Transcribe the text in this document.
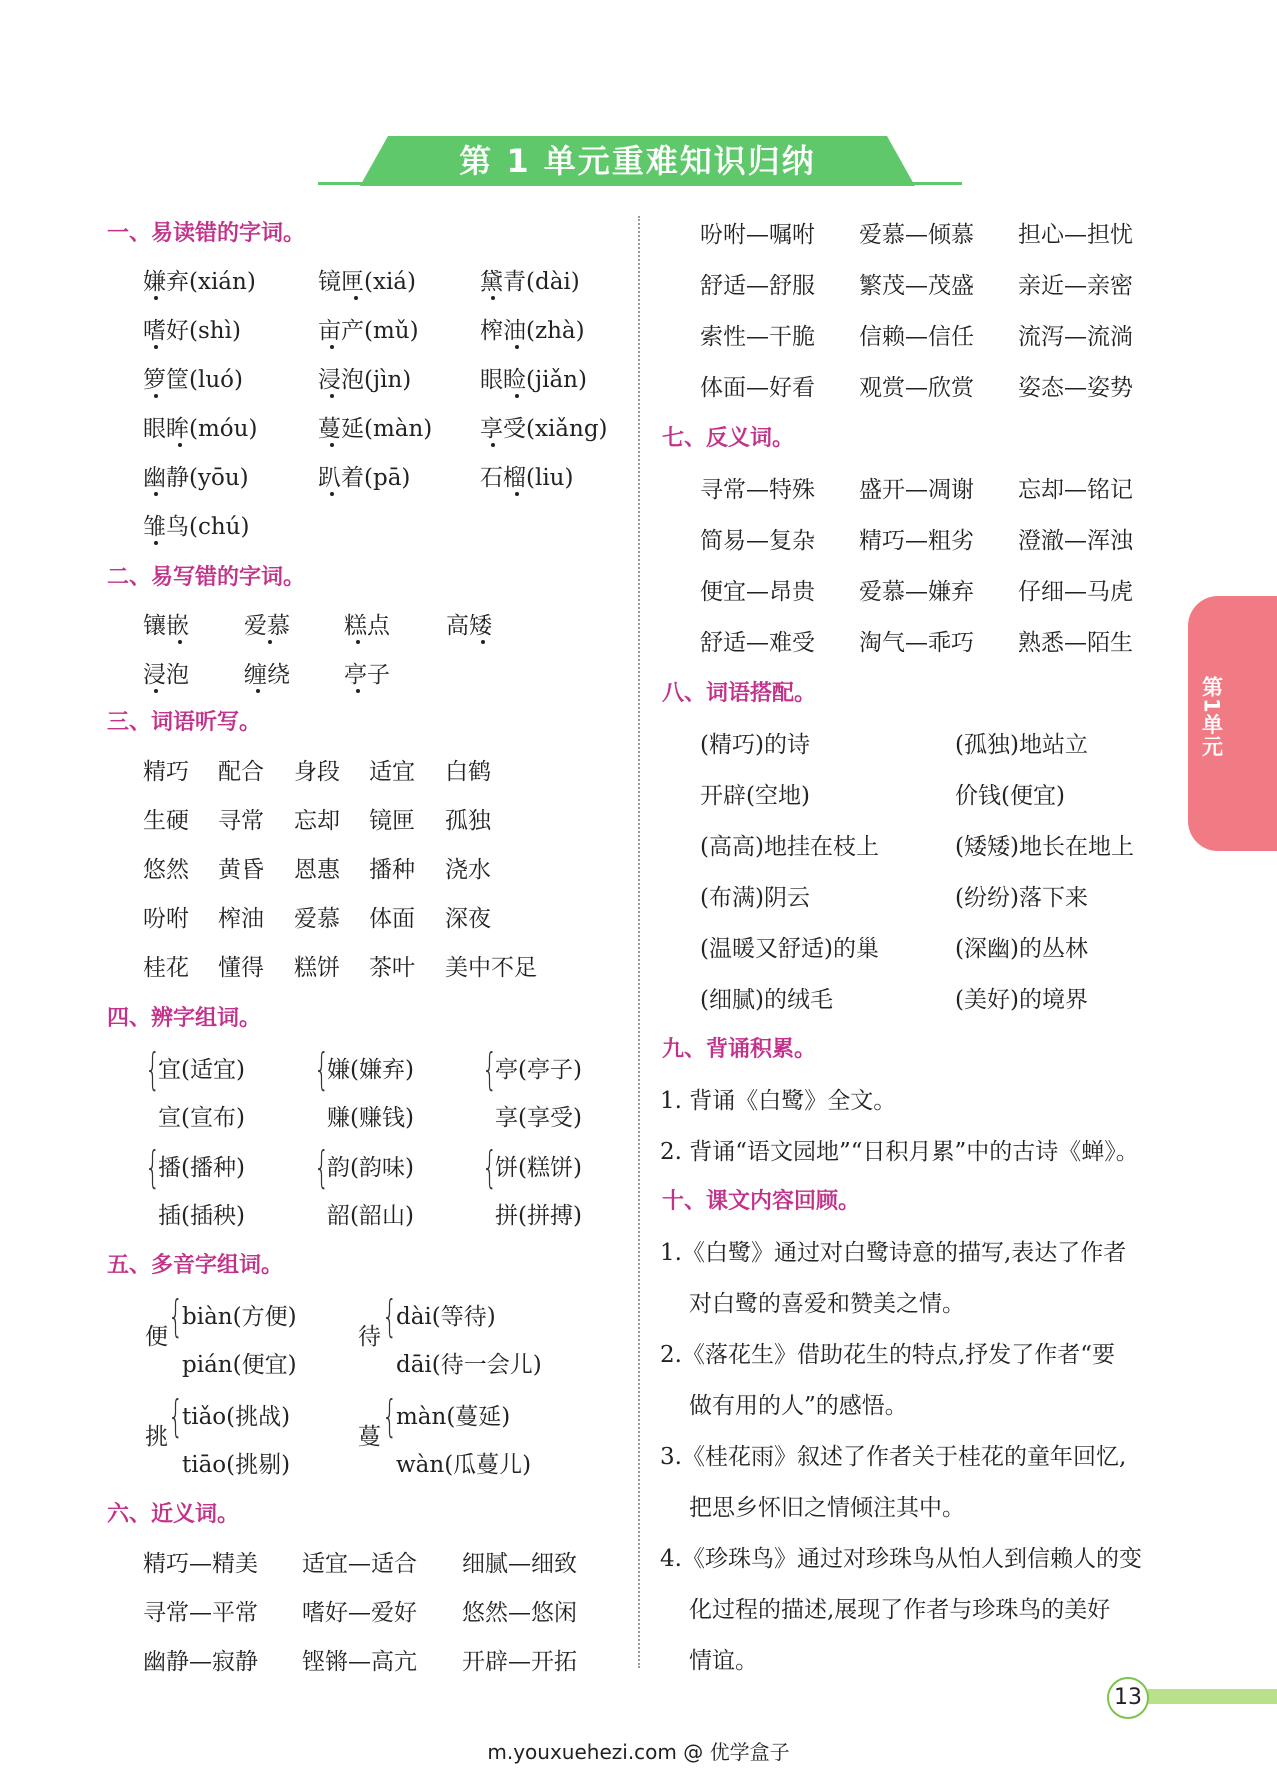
第 1 单元重难知识归纳
第1单元
一、易读错的字词。
嫌弃(xián)	镜匣(xiá)	黛青(dài)
嗜好(shì)	亩产(mǔ)	榨油(zhà)
箩筐(luó)	浸泡(jìn)	眼睑(jiǎn)
眼眸(móu)	蔓延(màn) 享受(xiǎng)
幽静(yōu)	趴着(pā)	石榴(liu)
雏鸟(chú)
二、易写错的字词。
镶嵌 爱慕 糕点 高矮
浸泡 缠绕 亭子
三、词语听写。
精巧 配合 身段 适宜 白鹤
生硬 寻常 忘却 镜匣 孤独
悠然 黄昏 恩惠 播种 浇水
吩咐 榨油 爱慕 体面 深夜
桂花 懂得 糕饼 茶叶 美中不足
四、辨字组词。
{
宜(适宜)
宣(宣布)
{
嫌(嫌弃)
赚(赚钱)
{
亭(亭子)
享(享受)
{
播(播种)
插(插秧)
{
韵(韵味)
韶(韶山)
{
饼(糕饼)
拼(拼搏)
五、多音字组词。
便 {
biàn(方便)
pián(便宜)
待 {
dài(等待)
dāi(待一会儿)
挑 {
tiǎo(挑战)
tiāo(挑剔)
蔓 {
màn(蔓延)
wàn(瓜蔓儿)
六、近义词。
精巧—精美 适宜—适合 细腻—细致
寻常—平常 嗜好—爱好 悠然—悠闲
幽静—寂静 铿锵—高亢 开辟—开拓
吩咐—嘱咐 爱慕—倾慕 担心—担忧
舒适—舒服 繁茂—茂盛 亲近—亲密
索性—干脆 信赖—信任 流泻—流淌
体面—好看 观赏—欣赏 姿态—姿势
七、反义词。
寻常—特殊 盛开—凋谢 忘却—铭记
简易—复杂 精巧—粗劣 澄澈—浑浊
便宜—昂贵 爱慕—嫌弃 仔细—马虎
舒适—难受 淘气—乖巧 熟悉—陌生
八、词语搭配。
(精巧)的诗	(孤独)地站立
开辟(空地)	价钱(便宜)
(高高)地挂在枝上	(矮矮)地长在地上
(布满)阴云	(纷纷)落下来
(温暖又舒适)的巢	(深幽)的丛林
(细腻)的绒毛	(美好)的境界
九、背诵积累。
1. 背诵《白鹭》全文。
2. 背诵“语文园地”“日积月累”中的古诗《蝉》。
十、课文内容回顾。
1.《白鹭》通过对白鹭诗意的描写,表达了作者
对白鹭的喜爱和赞美之情。
2.《落花生》借助花生的特点,抒发了作者“要
做有用的人”的感悟。
3.《桂花雨》叙述了作者关于桂花的童年回忆,
把思乡怀旧之情倾注其中。
4.《珍珠鸟》通过对珍珠鸟从怕人到信赖人的变
化过程的描述,展现了作者与珍珠鸟的美好
情谊。
13
m.youxuehezi.com @ 优学盒子
